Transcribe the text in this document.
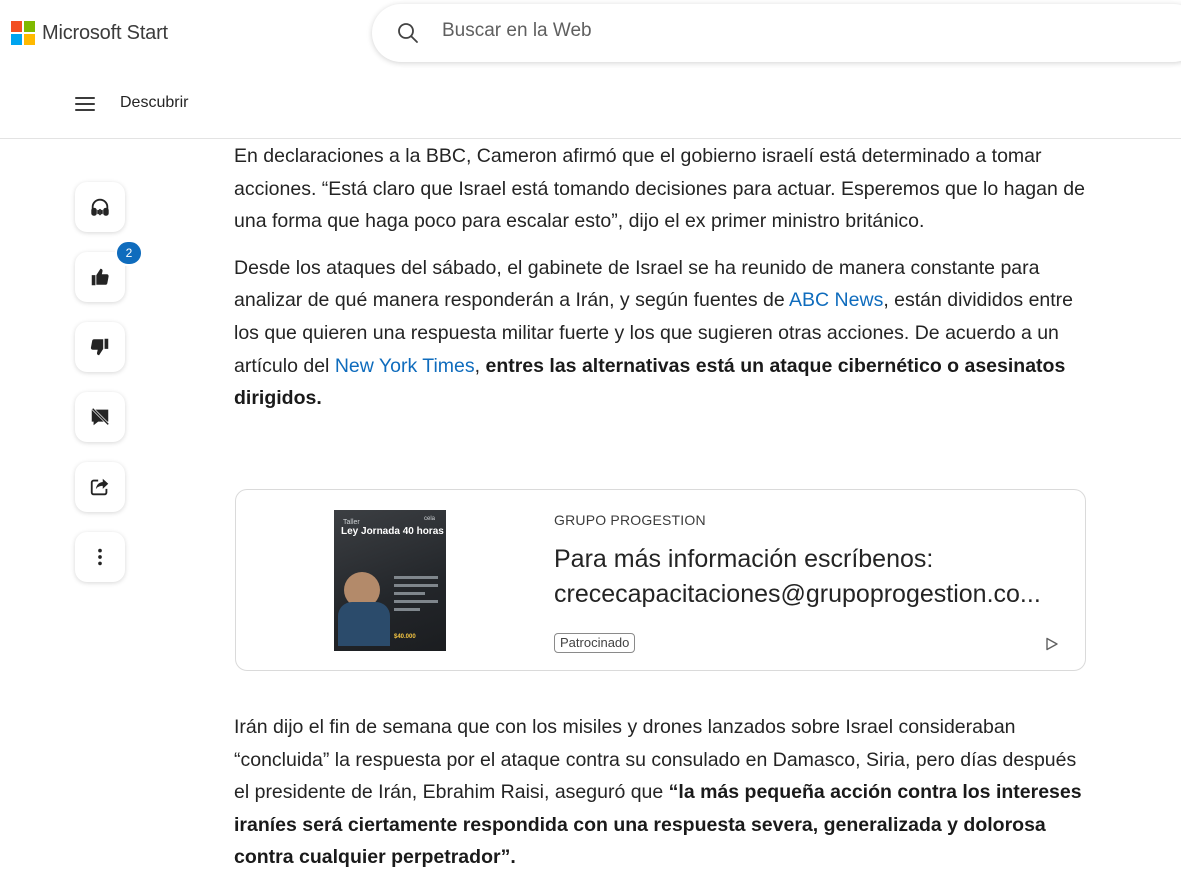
Microsoft Start
Buscar en la Web
Descubrir
2

En declaraciones a la BBC, Cameron afirmó que el gobierno israelí está determinado a tomar acciones. “Está claro que Israel está tomando decisiones para actuar. Esperemos que lo hagan de una forma que haga poco para escalar esto”, dijo el ex primer ministro británico.

Desde los ataques del sábado, el gabinete de Israel se ha reunido de manera constante para analizar de qué manera responderán a Irán, y según fuentes de ABC News, están divididos entre los que quieren una respuesta militar fuerte y los que sugieren otras acciones. De acuerdo a un artículo del New York Times, entres las alternativas está un ataque cibernético o asesinatos dirigidos.

Taller	cela
Ley Jornada 40 horas
$40.000
GRUPO PROGESTION
Para más información escríbenos:
crececapacitaciones@grupoprogestion.co...
Patrocinado

Irán dijo el fin de semana que con los misiles y drones lanzados sobre Israel consideraban “concluida” la respuesta por el ataque contra su consulado en Damasco, Siria, pero días después el presidente de Irán, Ebrahim Raisi, aseguró que “la más pequeña acción contra los intereses iraníes será ciertamente respondida con una respuesta severa, generalizada y dolorosa contra cualquier perpetrador”.
